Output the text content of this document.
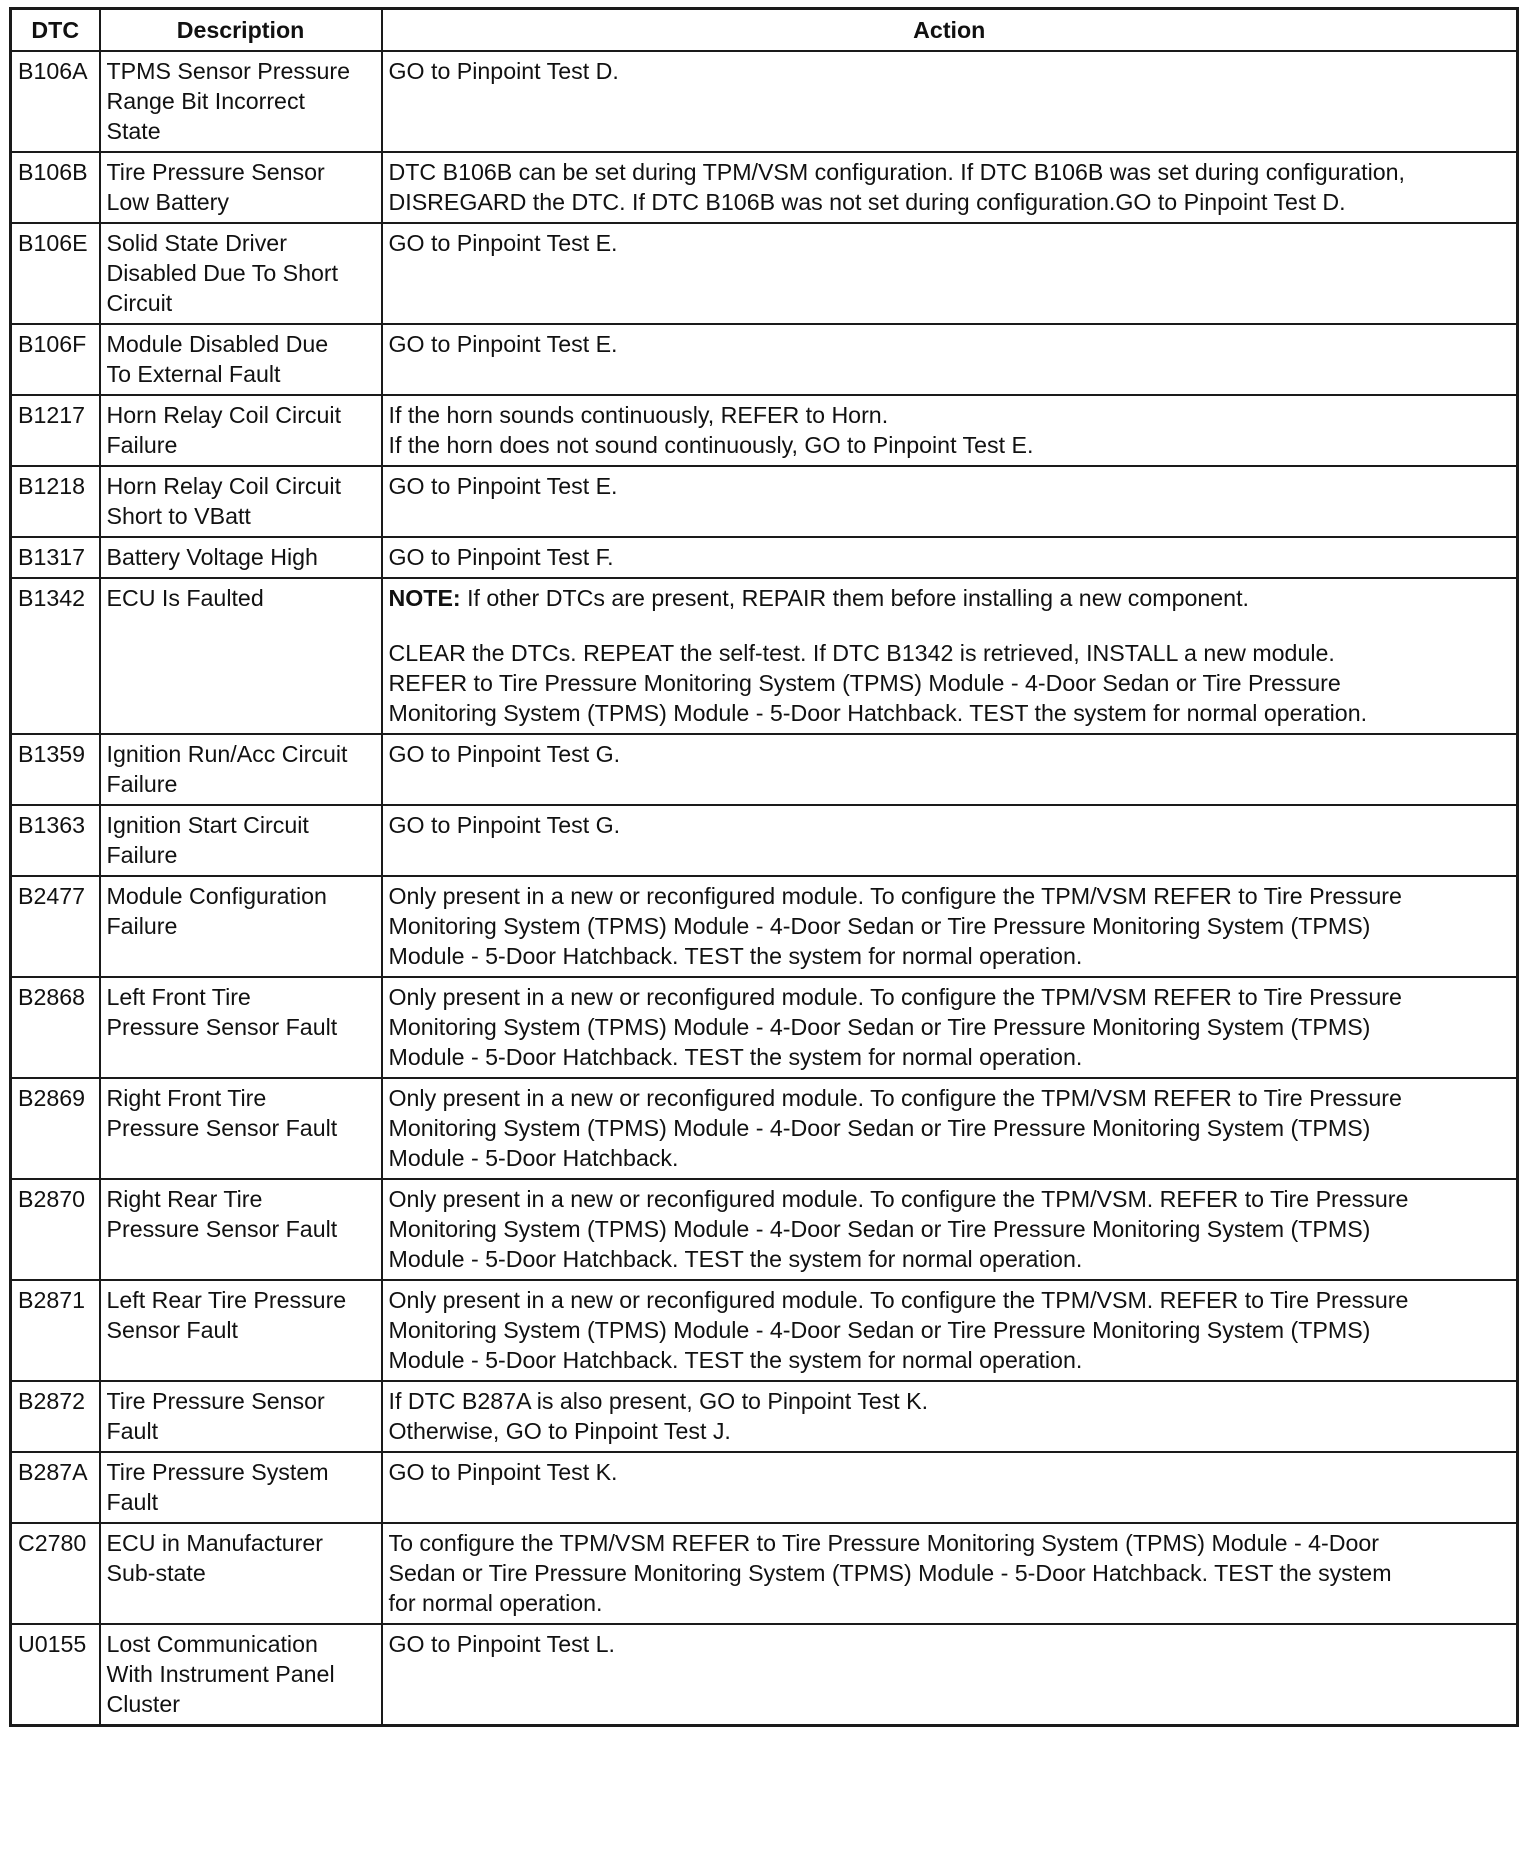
DTC	Description	Action
B106A	TPMS Sensor Pressure
Range Bit Incorrect
State	GO to Pinpoint Test D.

B106B	Tire Pressure Sensor
Low Battery	DTC B106B can be set during TPM/VSM configuration. If DTC B106B was set during configuration,
DISREGARD the DTC. If DTC B106B was not set during configuration.GO to Pinpoint Test D.

B106E	Solid State Driver
Disabled Due To Short
Circuit	GO to Pinpoint Test E.

B106F	Module Disabled Due
To External Fault	GO to Pinpoint Test E.

B1217	Horn Relay Coil Circuit
Failure	If the horn sounds continuously, REFER to Horn.
If the horn does not sound continuously, GO to Pinpoint Test E.

B1218	Horn Relay Coil Circuit
Short to VBatt	GO to Pinpoint Test E.

B1317	Battery Voltage High	GO to Pinpoint Test F.

B1342	ECU Is Faulted	NOTE: If other DTCs are present, REPAIR them before installing a new component.
CLEAR the DTCs. REPEAT the self-test. If DTC B1342 is retrieved, INSTALL a new module.
REFER to Tire Pressure Monitoring System (TPMS) Module - 4-Door Sedan or Tire Pressure
Monitoring System (TPMS) Module - 5-Door Hatchback. TEST the system for normal operation.

B1359	Ignition Run/Acc Circuit
Failure	GO to Pinpoint Test G.

B1363	Ignition Start Circuit
Failure	GO to Pinpoint Test G.

B2477	Module Configuration
Failure	Only present in a new or reconfigured module. To configure the TPM/VSM REFER to Tire Pressure
Monitoring System (TPMS) Module - 4-Door Sedan or Tire Pressure Monitoring System (TPMS)
Module - 5-Door Hatchback. TEST the system for normal operation.

B2868	Left Front Tire
Pressure Sensor Fault	Only present in a new or reconfigured module. To configure the TPM/VSM REFER to Tire Pressure
Monitoring System (TPMS) Module - 4-Door Sedan or Tire Pressure Monitoring System (TPMS)
Module - 5-Door Hatchback. TEST the system for normal operation.

B2869	Right Front Tire
Pressure Sensor Fault	Only present in a new or reconfigured module. To configure the TPM/VSM REFER to Tire Pressure
Monitoring System (TPMS) Module - 4-Door Sedan or Tire Pressure Monitoring System (TPMS)
Module - 5-Door Hatchback.

B2870	Right Rear Tire
Pressure Sensor Fault	Only present in a new or reconfigured module. To configure the TPM/VSM. REFER to Tire Pressure
Monitoring System (TPMS) Module - 4-Door Sedan or Tire Pressure Monitoring System (TPMS)
Module - 5-Door Hatchback. TEST the system for normal operation.

B2871	Left Rear Tire Pressure
Sensor Fault	Only present in a new or reconfigured module. To configure the TPM/VSM. REFER to Tire Pressure
Monitoring System (TPMS) Module - 4-Door Sedan or Tire Pressure Monitoring System (TPMS)
Module - 5-Door Hatchback. TEST the system for normal operation.

B2872	Tire Pressure Sensor
Fault	If DTC B287A is also present, GO to Pinpoint Test K.
Otherwise, GO to Pinpoint Test J.

B287A	Tire Pressure System
Fault	GO to Pinpoint Test K.

C2780	ECU in Manufacturer
Sub-state	To configure the TPM/VSM REFER to Tire Pressure Monitoring System (TPMS) Module - 4-Door
Sedan or Tire Pressure Monitoring System (TPMS) Module - 5-Door Hatchback. TEST the system
for normal operation.

U0155	Lost Communication
With Instrument Panel
Cluster	GO to Pinpoint Test L.
